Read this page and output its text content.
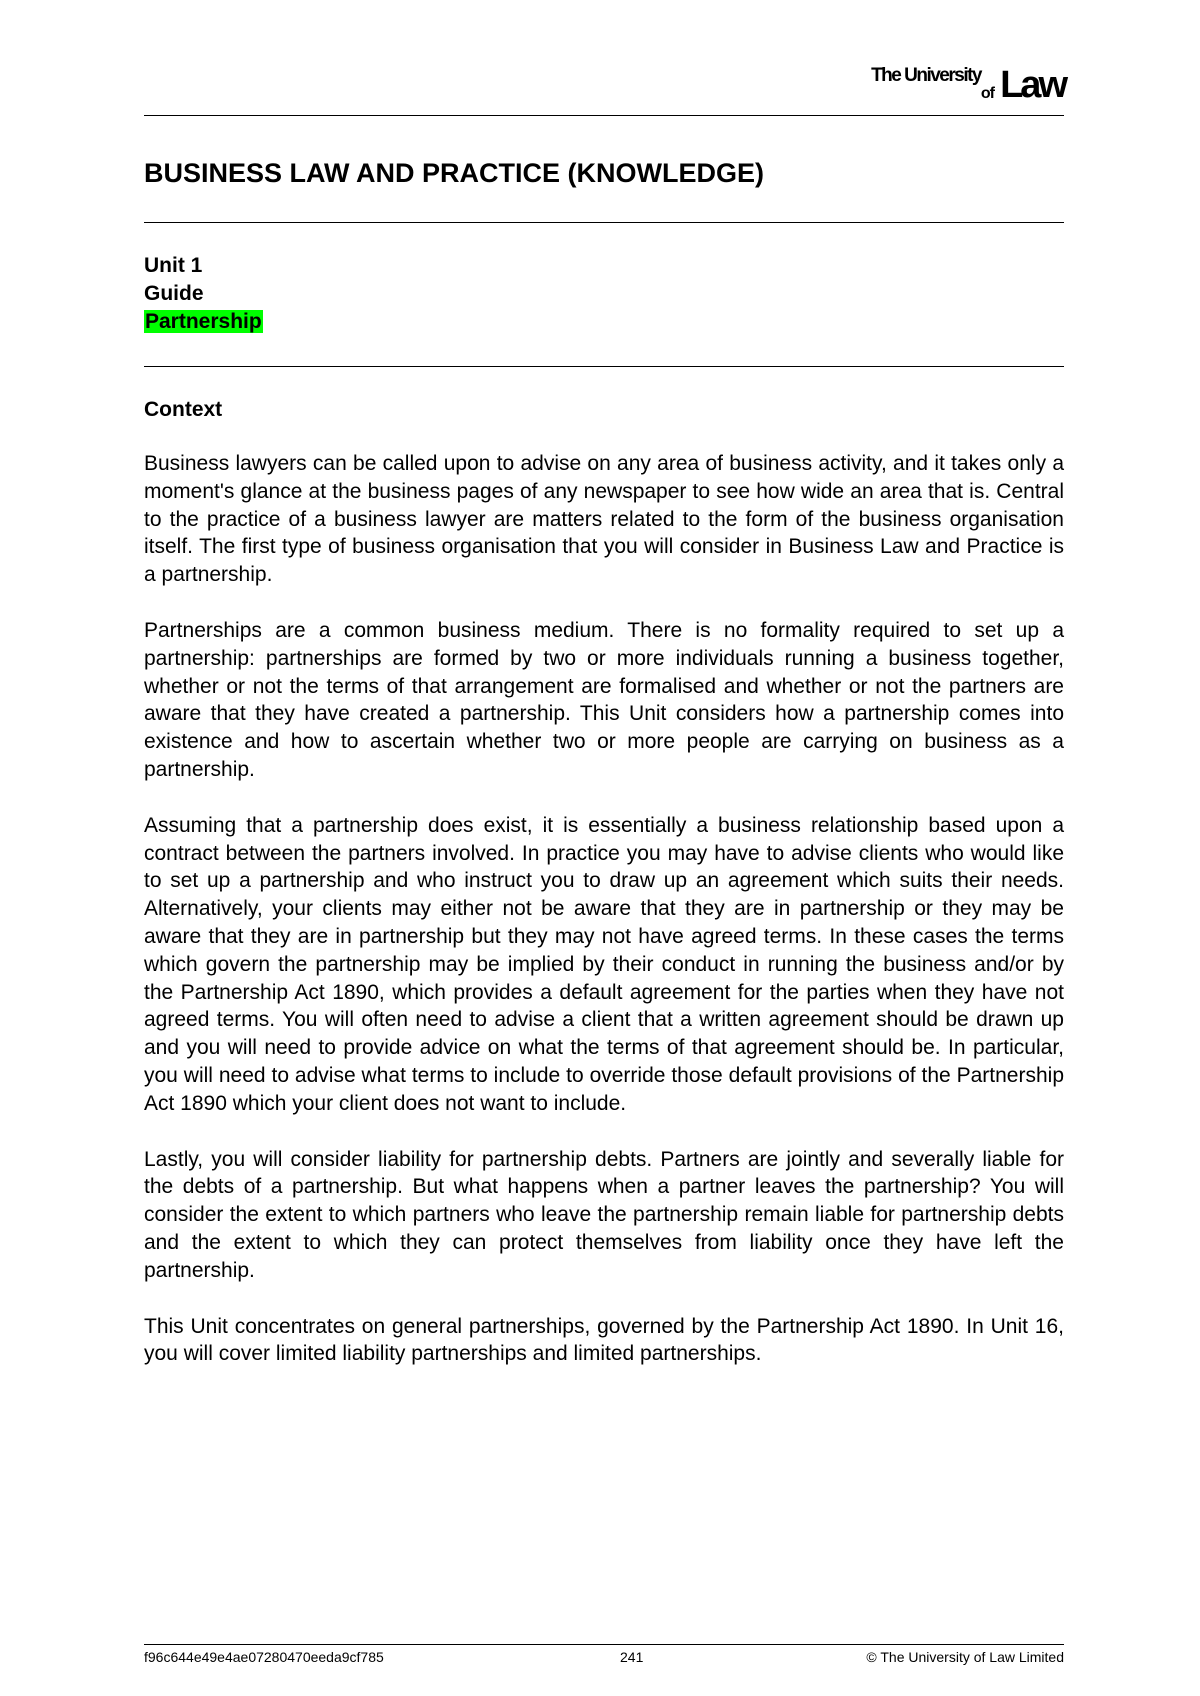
The University
of Law
BUSINESS LAW AND PRACTICE (KNOWLEDGE)
Unit 1
Guide
Partnership
Context

Business lawyers can be called upon to advise on any area of business activity, and it takes only a moment's glance at the business pages of any newspaper to see how wide an area that is. Central to the practice of a business lawyer are matters related to the form of the business organisation itself. The first type of business organisation that you will consider in Business Law and Practice is a partnership.

Partnerships are a common business medium. There is no formality required to set up a partnership: partnerships are formed by two or more individuals running a business together, whether or not the terms of that arrangement are formalised and whether or not the partners are aware that they have created a partnership. This Unit considers how a partnership comes into existence and how to ascertain whether two or more people are carrying on business as a partnership.

Assuming that a partnership does exist, it is essentially a business relationship based upon a contract between the partners involved. In practice you may have to advise clients who would like to set up a partnership and who instruct you to draw up an agreement which suits their needs. Alternatively, your clients may either not be aware that they are in partnership or they may be aware that they are in partnership but they may not have agreed terms. In these cases the terms which govern the partnership may be implied by their conduct in running the business and/or by the Partnership Act 1890, which provides a default agreement for the parties when they have not agreed terms. You will often need to advise a client that a written agreement should be drawn up and you will need to provide advice on what the terms of that agreement should be. In particular, you will need to advise what terms to include to override those default provisions of the Partnership Act 1890 which your client does not want to include.

Lastly, you will consider liability for partnership debts. Partners are jointly and severally liable for the debts of a partnership. But what happens when a partner leaves the partnership? You will consider the extent to which partners who leave the partnership remain liable for partnership debts and the extent to which they can protect themselves from liability once they have left the partnership.

This Unit concentrates on general partnerships, governed by the Partnership Act 1890. In Unit 16, you will cover limited liability partnerships and limited partnerships.

f96c644e49e4ae07280470eeda9cf785	241	© The University of Law Limited
